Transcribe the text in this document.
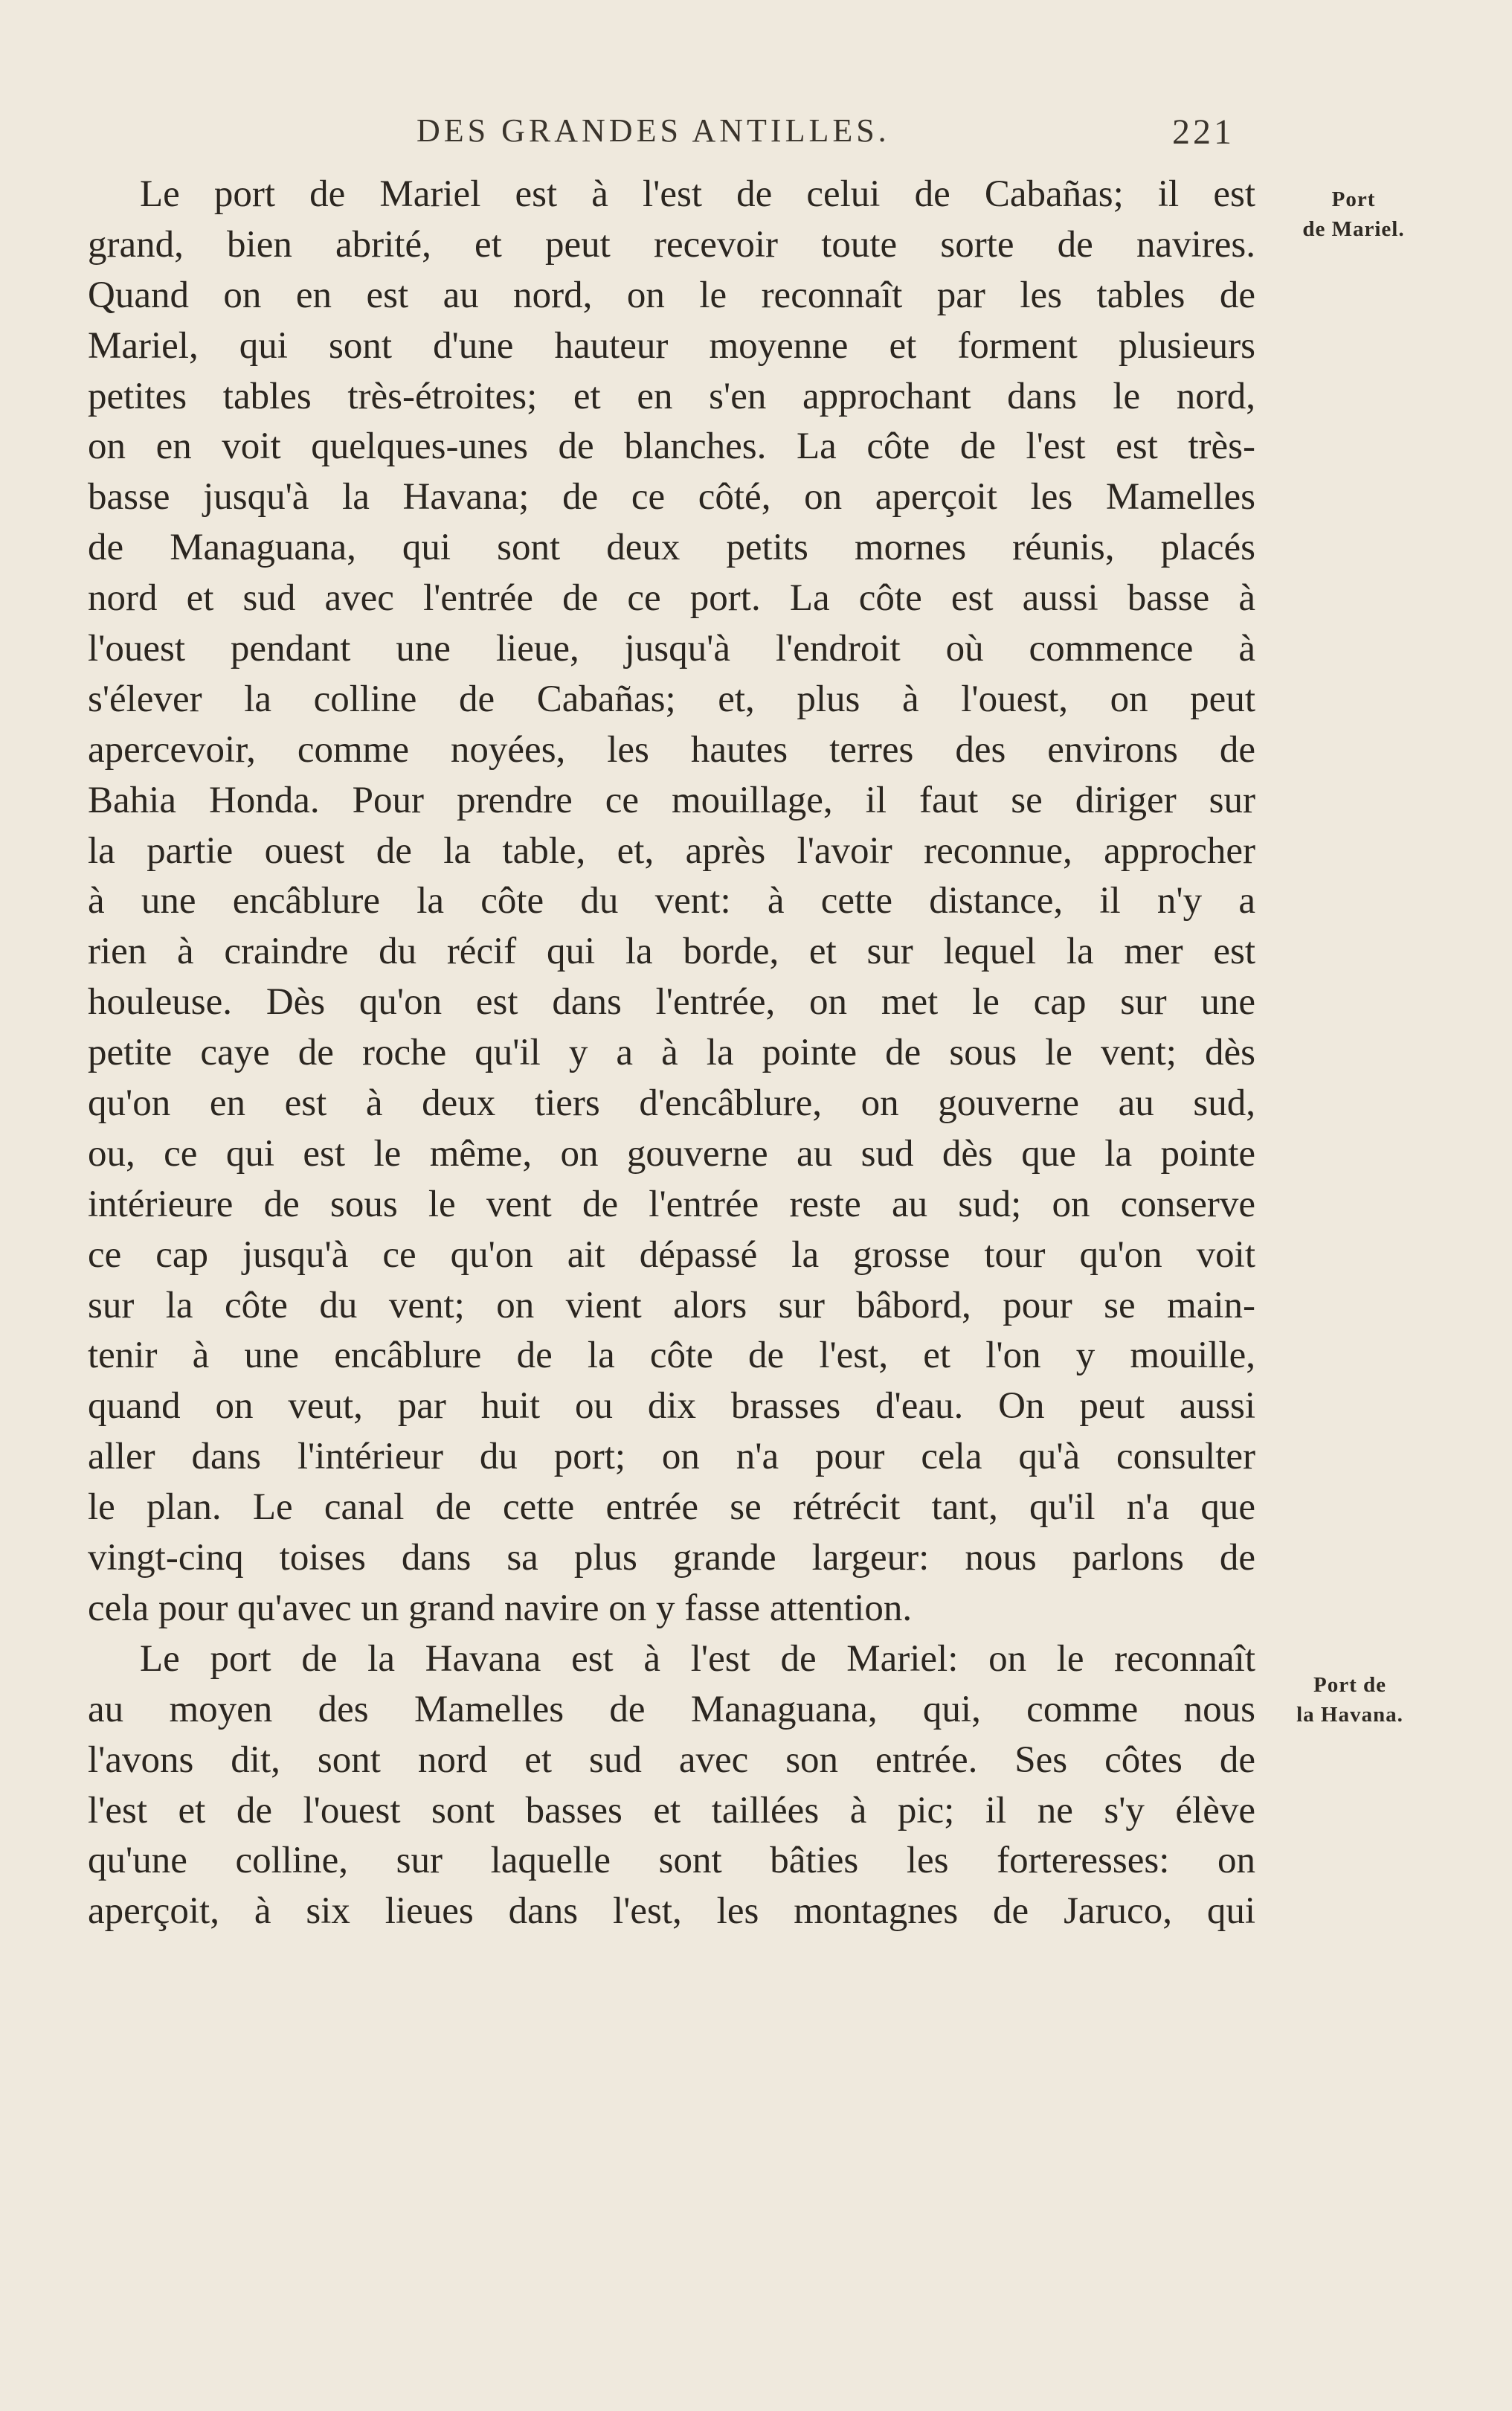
DES GRANDES ANTILLES.	221
Port
de Mariel.
Port de
la Havana.
Le port de Mariel est à l'est de celui de Cabañas; il est
grand, bien abrité, et peut recevoir toute sorte de navires.
Quand on en est au nord, on le reconnaît par les tables de
Mariel, qui sont d'une hauteur moyenne et forment plusieurs
petites tables très-étroites; et en s'en approchant dans le nord,
on en voit quelques-unes de blanches. La côte de l'est est très-
basse jusqu'à la Havana; de ce côté, on aperçoit les Mamelles
de Managuana, qui sont deux petits mornes réunis, placés
nord et sud avec l'entrée de ce port. La côte est aussi basse à
l'ouest pendant une lieue, jusqu'à l'endroit où commence à
s'élever la colline de Cabañas; et, plus à l'ouest, on peut
apercevoir, comme noyées, les hautes terres des environs de
Bahia Honda. Pour prendre ce mouillage, il faut se diriger sur
la partie ouest de la table, et, après l'avoir reconnue, approcher
à une encâblure la côte du vent: à cette distance, il n'y a
rien à craindre du récif qui la borde, et sur lequel la mer est
houleuse. Dès qu'on est dans l'entrée, on met le cap sur une
petite caye de roche qu'il y a à la pointe de sous le vent; dès
qu'on en est à deux tiers d'encâblure, on gouverne au sud,
ou, ce qui est le même, on gouverne au sud dès que la pointe
intérieure de sous le vent de l'entrée reste au sud; on conserve
ce cap jusqu'à ce qu'on ait dépassé la grosse tour qu'on voit
sur la côte du vent; on vient alors sur bâbord, pour se main-
tenir à une encâblure de la côte de l'est, et l'on y mouille,
quand on veut, par huit ou dix brasses d'eau. On peut aussi
aller dans l'intérieur du port; on n'a pour cela qu'à consulter
le plan. Le canal de cette entrée se rétrécit tant, qu'il n'a que
vingt-cinq toises dans sa plus grande largeur: nous parlons de
cela pour qu'avec un grand navire on y fasse attention.
Le port de la Havana est à l'est de Mariel: on le reconnaît
au moyen des Mamelles de Managuana, qui, comme nous
l'avons dit, sont nord et sud avec son entrée. Ses côtes de
l'est et de l'ouest sont basses et taillées à pic; il ne s'y élève
qu'une colline, sur laquelle sont bâties les forteresses: on
aperçoit, à six lieues dans l'est, les montagnes de Jaruco, qui
